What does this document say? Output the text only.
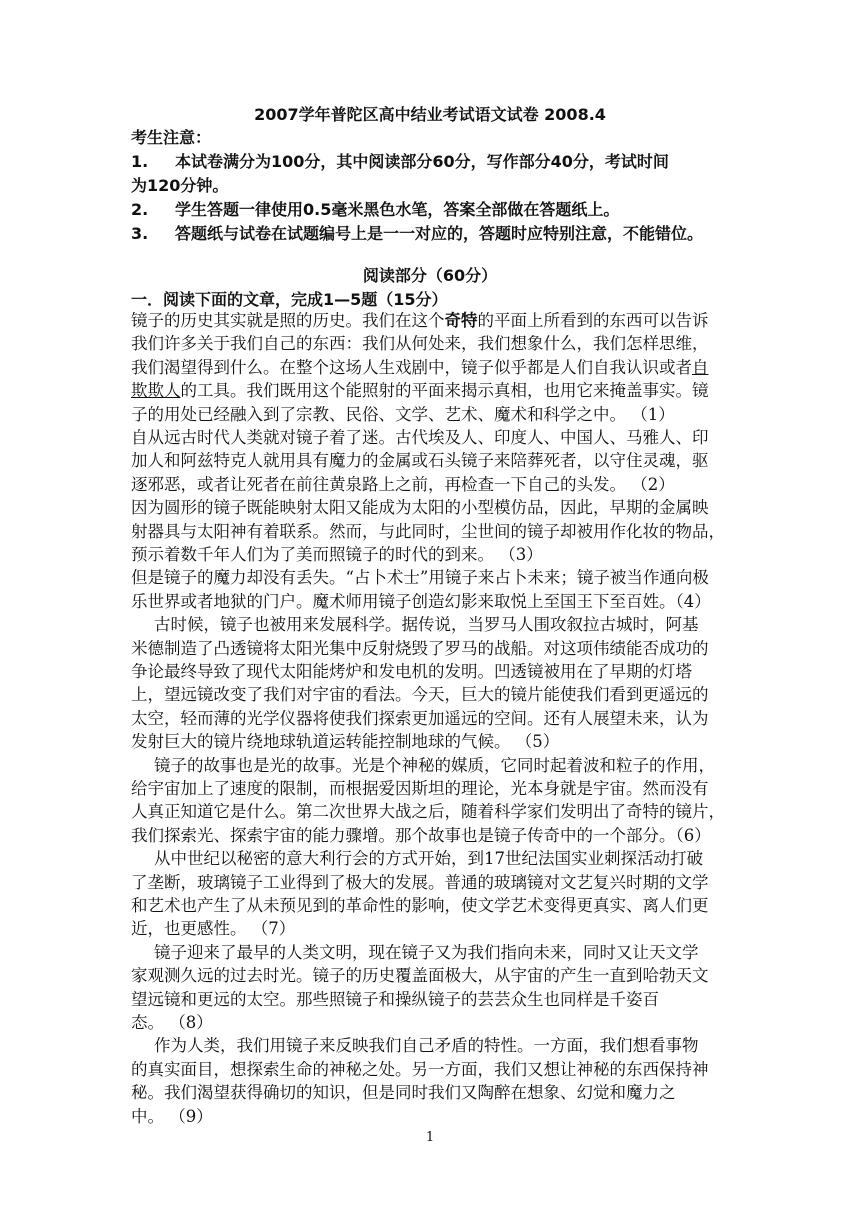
2007学年普陀区高中结业考试语文试卷 2008.4
考生注意：
1. 本试卷满分为100分，其中阅读部分60分，写作部分40分，考试时间
为120分钟。
2. 学生答题一律使用0.5毫米黑色水笔，答案全部做在答题纸上。
3. 答题纸与试卷在试题编号上是一一对应的，答题时应特别注意，不能错位。
阅读部分（60分）
一．阅读下面的文章，完成1—5题（15分）
镜子的历史其实就是照的历史。我们在这个奇特的平面上所看到的东西可以告诉
我们许多关于我们自己的东西：我们从何处来，我们想象什么，我们怎样思维，
我们渴望得到什么。在整个这场人生戏剧中，镜子似乎都是人们自我认识或者自
欺欺人的工具。我们既用这个能照射的平面来揭示真相，也用它来掩盖事实。镜
子的用处已经融入到了宗教、民俗、文学、艺术、魔术和科学之中。 （1）
自从远古时代人类就对镜子着了迷。古代埃及人、印度人、中国人、马雅人、印
加人和阿兹特克人就用具有魔力的金属或石头镜子来陪葬死者，以守住灵魂，驱
逐邪恶，或者让死者在前往黄泉路上之前，再检查一下自己的头发。 （2）
因为圆形的镜子既能映射太阳又能成为太阳的小型模仿品，因此，早期的金属映
射器具与太阳神有着联系。然而，与此同时，尘世间的镜子却被用作化妆的物品，
预示着数千年人们为了美而照镜子的时代的到来。 （3）
但是镜子的魔力却没有丢失。“占卜术士”用镜子来占卜未来；镜子被当作通向极
乐世界或者地狱的门户。魔术师用镜子创造幻影来取悦上至国王下至百姓。（4）
古时候，镜子也被用来发展科学。据传说，当罗马人围攻叙拉古城时，阿基
米德制造了凸透镜将太阳光集中反射烧毁了罗马的战船。对这项伟绩能否成功的
争论最终导致了现代太阳能烤炉和发电机的发明。凹透镜被用在了早期的灯塔
上，望远镜改变了我们对宇宙的看法。今天，巨大的镜片能使我们看到更遥远的
太空，轻而薄的光学仪器将使我们探索更加遥远的空间。还有人展望未来，认为
发射巨大的镜片绕地球轨道运转能控制地球的气候。 （5）
镜子的故事也是光的故事。光是个神秘的媒质，它同时起着波和粒子的作用，
给宇宙加上了速度的限制，而根据爱因斯坦的理论，光本身就是宇宙。然而没有
人真正知道它是什么。第二次世界大战之后，随着科学家们发明出了奇特的镜片，
我们探索光、探索宇宙的能力骤增。那个故事也是镜子传奇中的一个部分。（6）
从中世纪以秘密的意大利行会的方式开始，到17世纪法国实业刺探活动打破
了垄断，玻璃镜子工业得到了极大的发展。普通的玻璃镜对文艺复兴时期的文学
和艺术也产生了从未预见到的革命性的影响，使文学艺术变得更真实、离人们更
近，也更感性。 （7）
镜子迎来了最早的人类文明，现在镜子又为我们指向未来，同时又让天文学
家观测久远的过去时光。镜子的历史覆盖面极大，从宇宙的产生一直到哈勃天文
望远镜和更远的太空。那些照镜子和操纵镜子的芸芸众生也同样是千姿百
态。 （8）
作为人类，我们用镜子来反映我们自己矛盾的特性。一方面，我们想看事物
的真实面目，想探索生命的神秘之处。另一方面，我们又想让神秘的东西保持神
秘。我们渴望获得确切的知识，但是同时我们又陶醉在想象、幻觉和魔力之
中。 （9）
1
